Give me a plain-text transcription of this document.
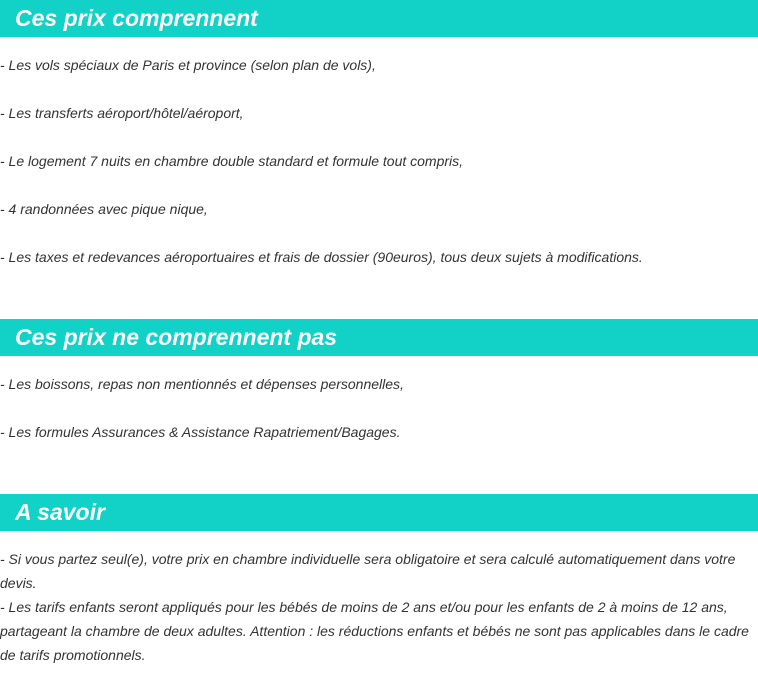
Ces prix comprennent
- Les vols spéciaux de Paris et province (selon plan de vols),
- Les transferts aéroport/hôtel/aéroport,
- Le logement 7 nuits en chambre double standard et formule tout compris,
- 4 randonnées avec pique nique,
- Les taxes et redevances aéroportuaires et frais de dossier (90euros), tous deux sujets à modifications.
Ces prix ne comprennent pas
- Les boissons, repas non mentionnés et dépenses personnelles,
- Les formules Assurances & Assistance Rapatriement/Bagages.
A savoir
- Si vous partez seul(e), votre prix en chambre individuelle sera obligatoire et sera calculé automatiquement dans votre devis.
- Les tarifs enfants seront appliqués pour les bébés de moins de 2 ans et/ou pour les enfants de 2 à moins de 12 ans, partageant la chambre de deux adultes. Attention : les réductions enfants et bébés ne sont pas applicables dans le cadre de tarifs promotionnels.
